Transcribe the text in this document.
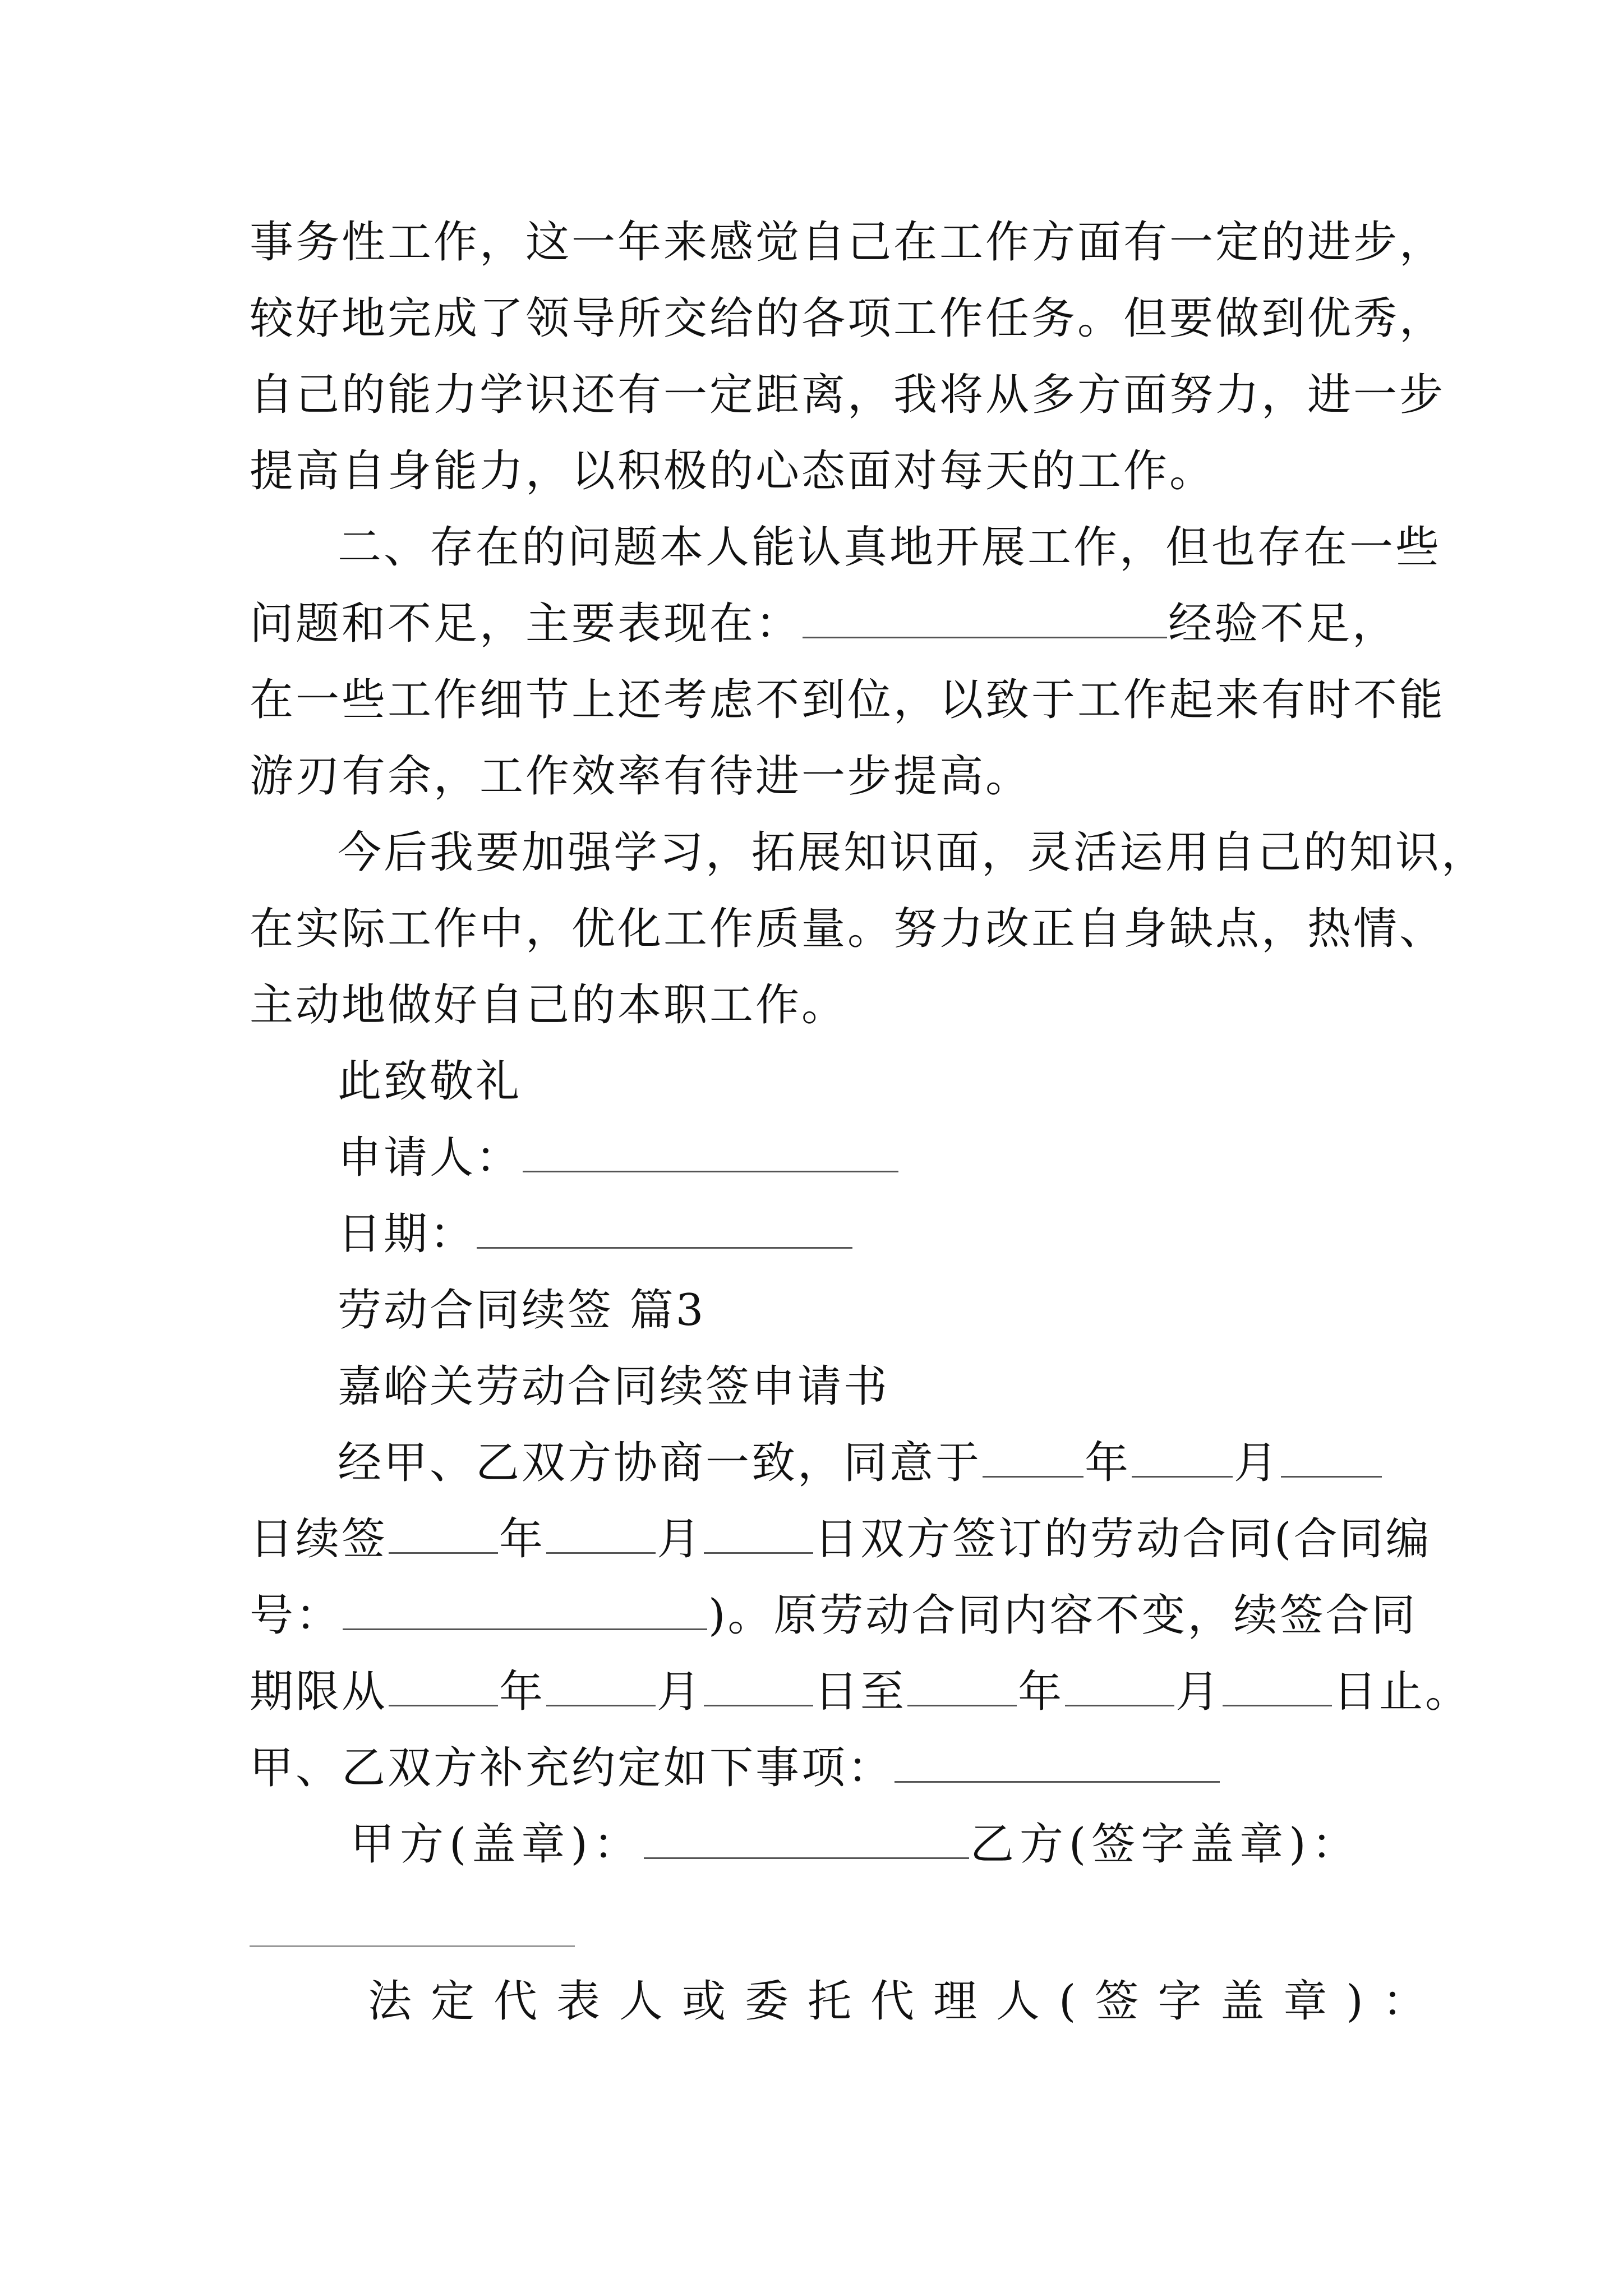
事务性工作，这一年来感觉自己在工作方面有一定的进步，
较好地完成了领导所交给的各项工作任务。但要做到优秀，
自己的能力学识还有一定距离，我将从多方面努力，进一步
提高自身能力，以积极的心态面对每天的工作。
二、存在的问题本人能认真地开展工作，但也存在一些
问题和不足，主要表现在：	经验不足，
在一些工作细节上还考虑不到位，以致于工作起来有时不能
游刃有余，工作效率有待进一步提高。
今后我要加强学习，拓展知识面，灵活运用自己的知识，
在实际工作中，优化工作质量。努力改正自身缺点，热情、
主动地做好自己的本职工作。
此致敬礼
申请人：
日期：
劳动合同续签 篇3
嘉峪关劳动合同续签申请书
经甲、乙双方协商一致，同意于 年 月
日续签	年	月	日双方签订的劳动合同(合同编
号：	)。原劳动合同内容不变，续签合同
期限从	年	月	日至	年	月	日止。
甲、乙双方补充约定如下事项：
甲方(盖章)：	乙方(签字盖章)：
法定代表人或委托代理人(签字盖章)：
